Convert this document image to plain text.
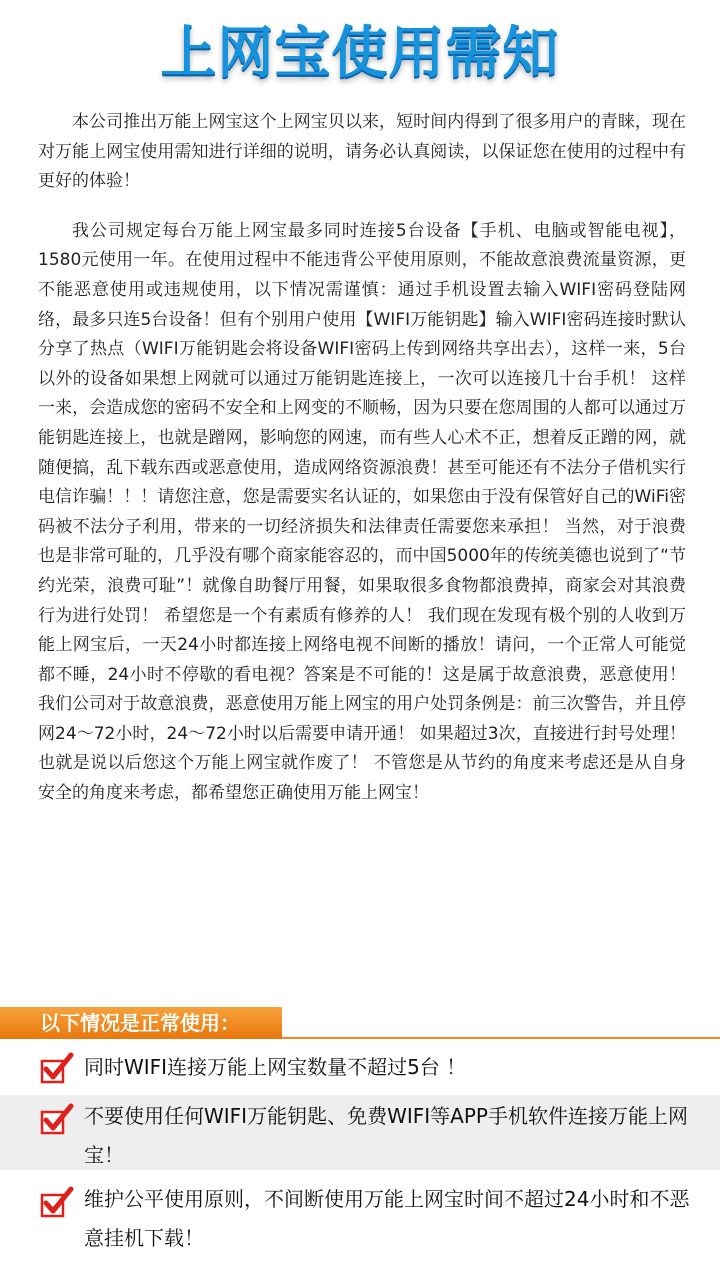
上网宝使用需知

本公司推出万能上网宝这个上网宝贝以来，短时间内得到了很多用户的青睐，现在对万能上网宝使用需知进行详细的说明，请务必认真阅读，以保证您在使用的过程中有更好的体验！

我公司规定每台万能上网宝最多同时连接5台设备【手机、电脑或智能电视】，1580元使用一年。在使用过程中不能违背公平使用原则，不能故意浪费流量资源，更不能恶意使用或违规使用，以下情况需谨慎：通过手机设置去输入WIFI密码登陆网络，最多只连5台设备！但有个别用户使用【WIFI万能钥匙】输入WIFI密码连接时默认分享了热点（WIFI万能钥匙会将设备WIFI密码上传到网络共享出去），这样一来，5台以外的设备如果想上网就可以通过万能钥匙连接上，一次可以连接几十台手机！ 这样一来，会造成您的密码不安全和上网变的不顺畅，因为只要在您周围的人都可以通过万能钥匙连接上，也就是蹭网，影响您的网速，而有些人心术不正，想着反正蹭的网，就随便搞，乱下载东西或恶意使用，造成网络资源浪费！甚至可能还有不法分子借机实行电信诈骗！！！请您注意，您是需要实名认证的，如果您由于没有保管好自己的WiFi密码被不法分子利用，带来的一切经济损失和法律责任需要您来承担！ 当然，对于浪费也是非常可耻的，几乎没有哪个商家能容忍的，而中国5000年的传统美德也说到了“节约光荣，浪费可耻”！就像自助餐厅用餐，如果取很多食物都浪费掉，商家会对其浪费行为进行处罚！ 希望您是一个有素质有修养的人！ 我们现在发现有极个别的人收到万能上网宝后，一天24小时都连接上网络电视不间断的播放！请问，一个正常人可能觉都不睡，24小时不停歇的看电视？答案是不可能的！这是属于故意浪费，恶意使用！ 我们公司对于故意浪费，恶意使用万能上网宝的用户处罚条例是：前三次警告，并且停网24～72小时，24～72小时以后需要申请开通！ 如果超过3次，直接进行封号处理！也就是说以后您这个万能上网宝就作废了！ 不管您是从节约的角度来考虑还是从自身安全的角度来考虑，都希望您正确使用万能上网宝！

以下情况是正常使用：
同时WIFI连接万能上网宝数量不超过5台 ！
不要使用任何WIFI万能钥匙、免费WIFI等APP手机软件连接万能上网宝！
维护公平使用原则，不间断使用万能上网宝时间不超过24小时和不恶意挂机下载！
